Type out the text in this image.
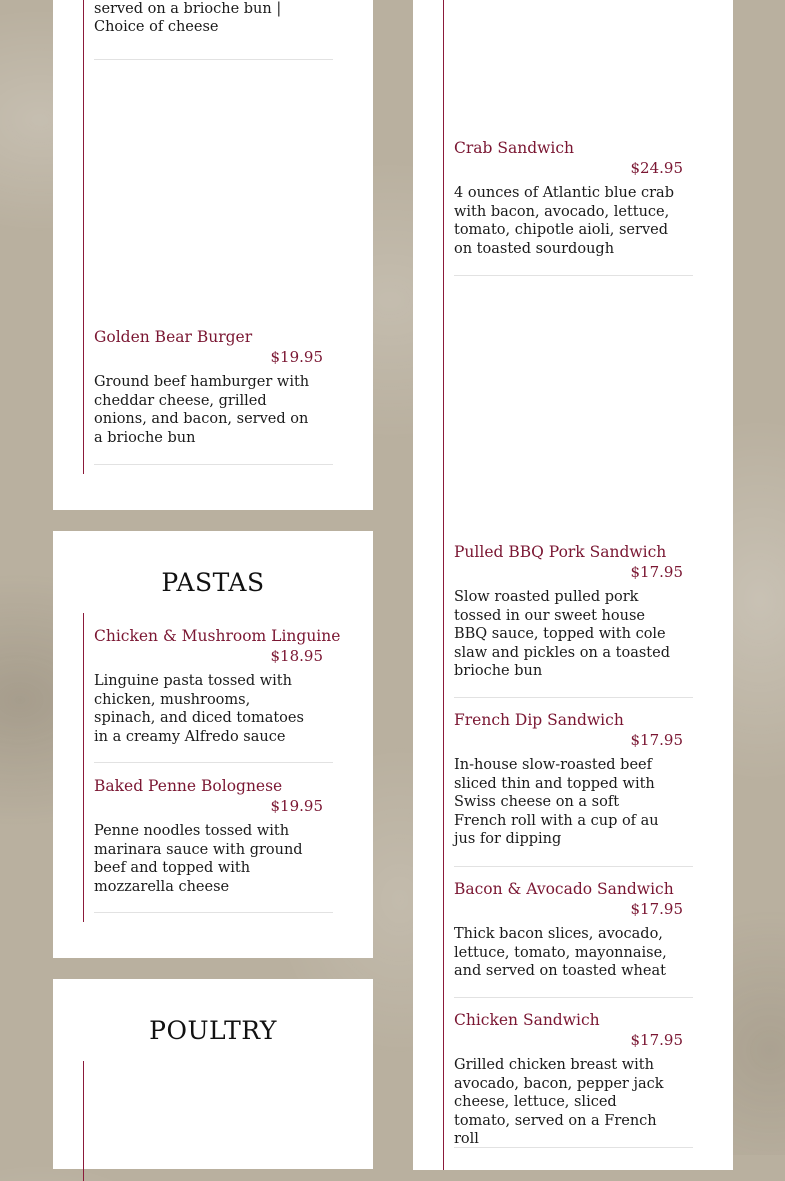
served on a brioche bun | Choice of cheese
Golden Bear Burger
$19.95
Ground beef hamburger with cheddar cheese, grilled onions, and bacon, served on a brioche bun
PASTAS
Chicken & Mushroom Linguine
$18.95
Linguine pasta tossed with chicken, mushrooms, spinach, and diced tomatoes in a creamy Alfredo sauce
Baked Penne Bolognese
$19.95
Penne noodles tossed with marinara sauce with ground beef and topped with mozzarella cheese
POULTRY
Crab Sandwich
$24.95
4 ounces of Atlantic blue crab with bacon, avocado, lettuce, tomato, chipotle aioli, served on toasted sourdough
Pulled BBQ Pork Sandwich
$17.95
Slow roasted pulled pork tossed in our sweet house BBQ sauce, topped with cole slaw and pickles on a toasted brioche bun
French Dip Sandwich
$17.95
In-house slow-roasted beef sliced thin and topped with Swiss cheese on a soft French roll with a cup of au jus for dipping
Bacon & Avocado Sandwich
$17.95
Thick bacon slices, avocado, lettuce, tomato, mayonnaise, and served on toasted wheat
Chicken Sandwich
$17.95
Grilled chicken breast with avocado, bacon, pepper jack cheese, lettuce, sliced tomato, served on a French roll
